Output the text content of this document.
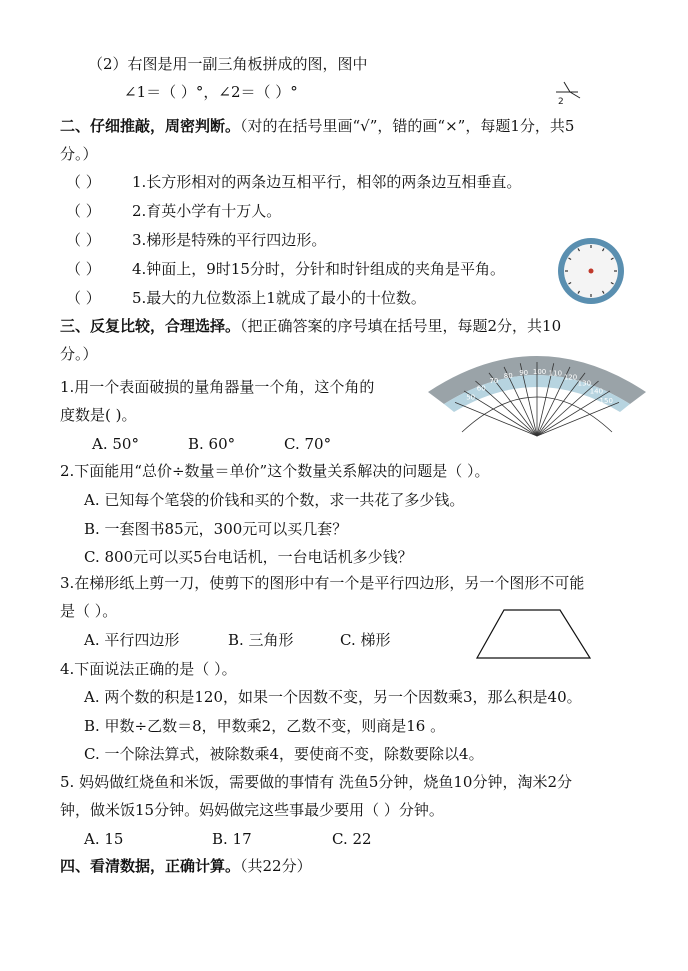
（2）右图是用一副三角板拼成的图，图中
∠1＝（ ）°，∠2＝（ ）°
2
二、仔细推敲，周密判断。（对的在括号里画“√”，错的画“×”，每题1分，共5
分。）
（ ） 1.长方形相对的两条边互相平行，相邻的两条边互相垂直。
（ ） 2.育英小学有十万人。
（ ） 3.梯形是特殊的平行四边形。
（ ） 4.钟面上，9时15分时，分针和时针组成的夹角是平角。
（ ） 5.最大的九位数添上1就成了最小的十位数。
三、反复比较，合理选择。（把正确答案的序号填在括号里，每题2分，共10
分。）
1.用一个表面破损的量角器量一个角，这个角的
度数是( )。
A. 50°	B. 60°	C. 70°
50
60
70
80 90 100 110 120
130
140
150
2.下面能用“总价÷数量＝单价”这个数量关系解决的问题是（ ）。
A. 已知每个笔袋的价钱和买的个数，求一共花了多少钱。
B. 一套图书85元，300元可以买几套？
C. 800元可以买5台电话机，一台电话机多少钱？
3.在梯形纸上剪一刀，使剪下的图形中有一个是平行四边形，另一个图形不可能
是（ ）。
A. 平行四边形	B. 三角形	C. 梯形
4.下面说法正确的是（ ）。
A. 两个数的积是120，如果一个因数不变，另一个因数乘3，那么积是40。
B. 甲数÷乙数＝8，甲数乘2，乙数不变，则商是16 。
C. 一个除法算式，被除数乘4，要使商不变，除数要除以4。
5. 妈妈做红烧鱼和米饭，需要做的事情有 洗鱼5分钟，烧鱼10分钟，淘米2分
钟，做米饭15分钟。妈妈做完这些事最少要用（ ）分钟。
A. 15	B. 17	C. 22
四、看清数据，正确计算。（共22分）
